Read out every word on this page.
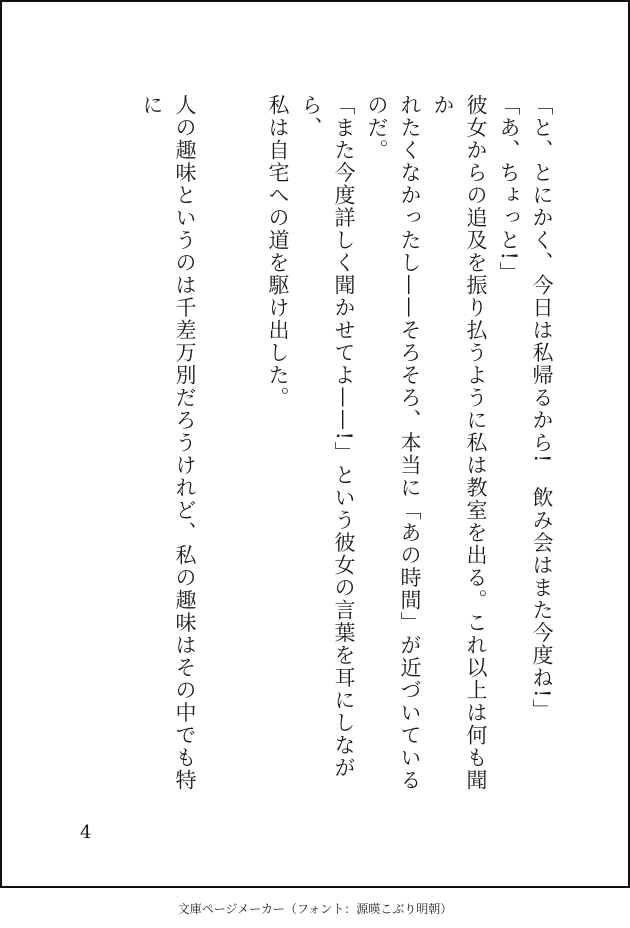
「と、とにかく、今日は私帰るから!　飲み会はまた今度ね!」

「あ、ちょっと!」

彼女からの追及を振り払うように私は教室を出る。これ以上は何も聞か

れたくなかったし——そろそろ、本当に「あの時間」が近づいているのだ。

「また今度詳しく聞かせてよ——!」という彼女の言葉を耳にしながら、

私は自宅への道を駆け出した。

人の趣味というのは千差万別だろうけれど、私の趣味はその中でも特に

4
文庫ページメーカー（フォント：源暎こぶり明朝）
